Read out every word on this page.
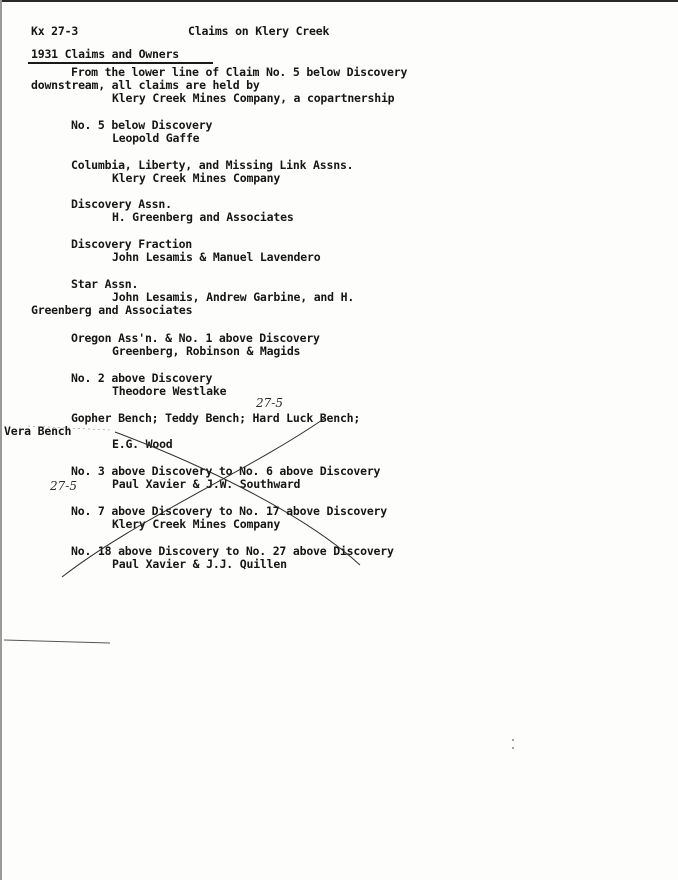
Kx 27-3	Claims on Klery Creek
1931 Claims and Owners
From the lower line of Claim No. 5 below Discovery
downstream, all claims are held by
Klery Creek Mines Company, a copartnership
No. 5 below Discovery
Leopold Gaffe
Columbia, Liberty, and Missing Link Assns.
Klery Creek Mines Company
Discovery Assn.
H. Greenberg and Associates
Discovery Fraction
John Lesamis & Manuel Lavendero
Star Assn.
John Lesamis, Andrew Garbine, and H.
Greenberg and Associates
Oregon Ass'n. & No. 1 above Discovery
Greenberg, Robinson & Magids
No. 2 above Discovery
Theodore Westlake
27-5
Gopher Bench; Teddy Bench; Hard Luck Bench;
Vera Bench
E.G. Wood
No. 3 above Discovery to No. 6 above Discovery
27-5	Paul Xavier & J.W. Southward
No. 7 above Discovery to No. 17 above Discovery
Klery Creek Mines Company
No. 18 above Discovery to No. 27 above Discovery
Paul Xavier & J.J. Quillen
